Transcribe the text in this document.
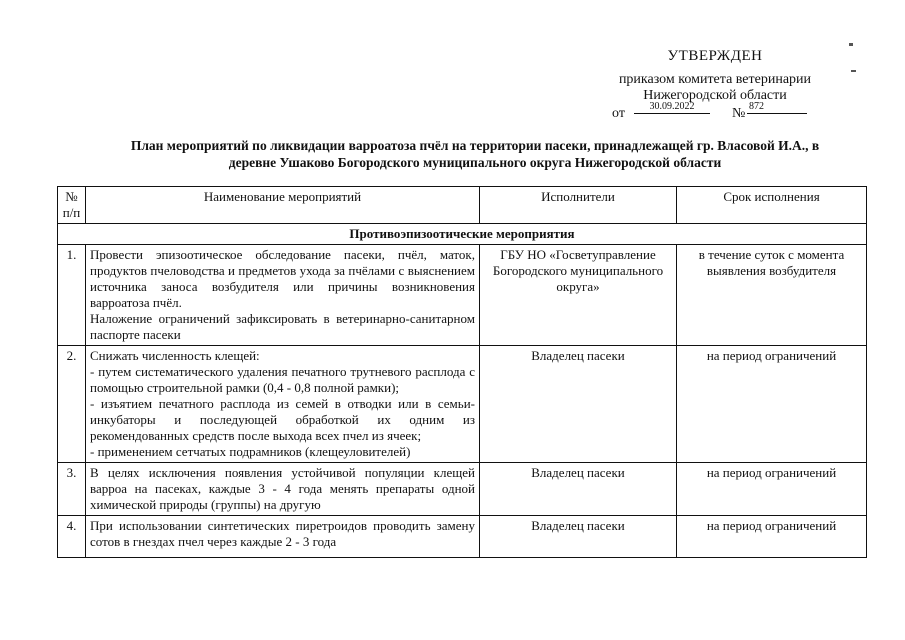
УТВЕРЖДЕН
приказом комитета ветеринарии
Нижегородской области
от	30.09.2022	№ 872
План мероприятий по ликвидации варроатоза пчёл на территории пасеки, принадлежащей гр. Власовой И.А., в
деревне Ушаково Богородского муниципального округа Нижегородской области
№ п/п	Наименование мероприятий	Исполнители	Срок исполнения
Противоэпизоотические мероприятия			
1.	Провести эпизоотическое обследование пасеки, пчёл, маток, продуктов пчеловодства и предметов ухода за пчёлами с выяснением источника заноса возбудителя или причины возникновения варроатоза пчёл.
Наложение ограничений зафиксировать в ветеринарно-санитарном паспорте пасеки	ГБУ НО «Госветуправление Богородского муниципального округа»	в течение суток с момента выявления возбудителя
2.	Снижать численность клещей:
- путем систематического удаления печатного трутневого расплода с помощью строительной рамки (0,4 - 0,8 полной рамки);
- изъятием печатного расплода из семей в отводки или в семьи-инкубаторы и последующей обработкой их одним из рекомендованных средств после выхода всех пчел из ячеек;
- применением сетчатых подрамников (клещеуловителей)	Владелец пасеки	на период ограничений
3.	В целях исключения появления устойчивой популяции клещей варроа на пасеках, каждые 3 - 4 года менять препараты одной химической природы (группы) на другую	Владелец пасеки	на период ограничений
4.	При использовании синтетических пиретроидов проводить замену сотов в гнездах пчел через каждые 2 - 3 года	Владелец пасеки	на период ограничений
